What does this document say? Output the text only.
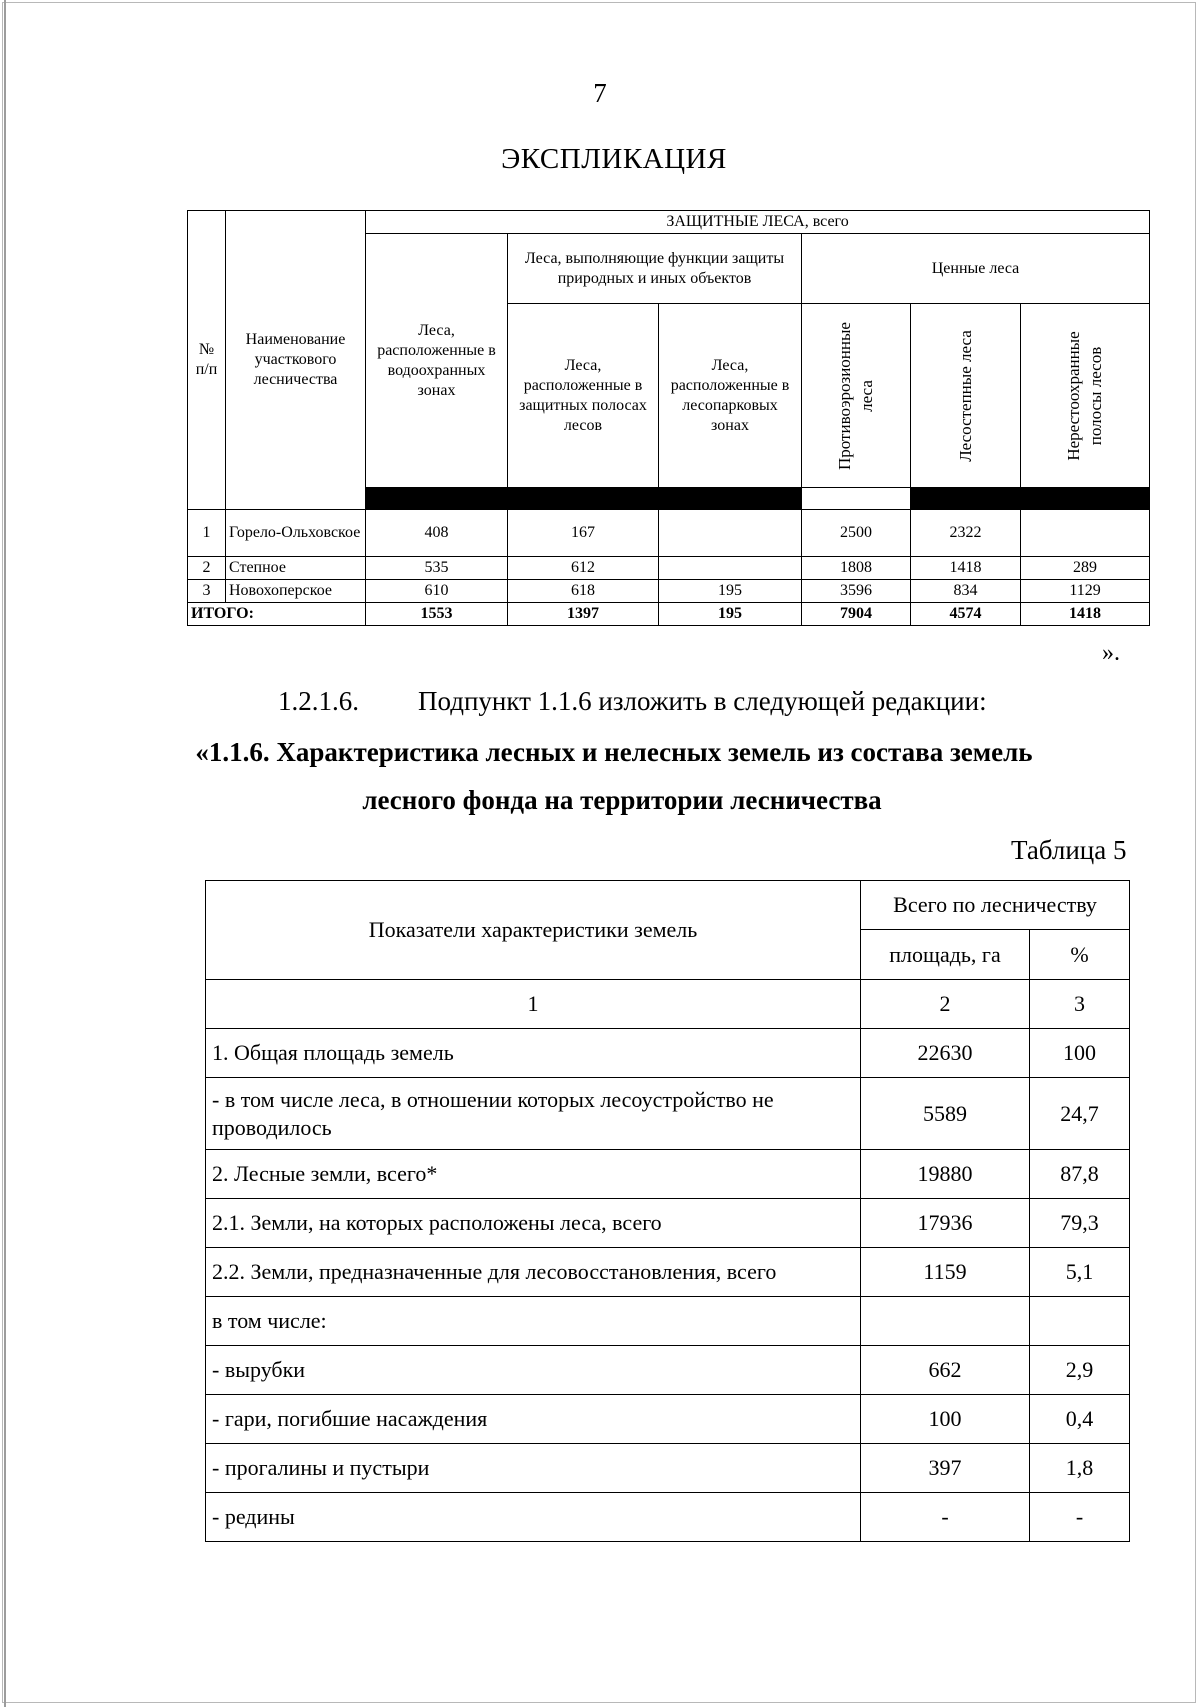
7
ЭКСПЛИКАЦИЯ
№ п/п	Наименование участкового лесничества	ЗАЩИТНЫЕ ЛЕСА, всего					
		Леса, расположенные в водоохранных зонах	Леса, выполняющие функции защиты природных и иных объектов		Ценные леса		
			Леса, расположенные в защитных полосах лесов	Леса, расположенные в лесопарковых зонах	Противоэрозионные леса	Лесостепные леса	Нерестоохранные полосы лесов

1	Горело-Ольховское	408	167		2500	2322	
2	Степное	535	612		1808	1418	289
3	Новохоперское	610	618	195	3596	834	1129
ИТОГО:		1553	1397	195	7904	4574	1418
».
1.2.1.6. Подпункт 1.1.6 изложить в следующей редакции:
«1.1.6. Характеристика лесных и нелесных земель из состава земель
лесного фонда на территории лесничества
Таблица 5
Показатели характеристики земель	Всего по лесничеству	
	площадь, га	%
1	2	3
1. Общая площадь земель	22630	100
- в том числе леса, в отношении которых лесоустройство не проводилось	5589	24,7
2. Лесные земли, всего*	19880	87,8
2.1. Земли, на которых расположены леса, всего	17936	79,3
2.2. Земли, предназначенные для лесовосстановления, всего	1159	5,1
в том числе:		
- вырубки	662	2,9
- гари, погибшие насаждения	100	0,4
- прогалины и пустыри	397	1,8
- редины	-	-
